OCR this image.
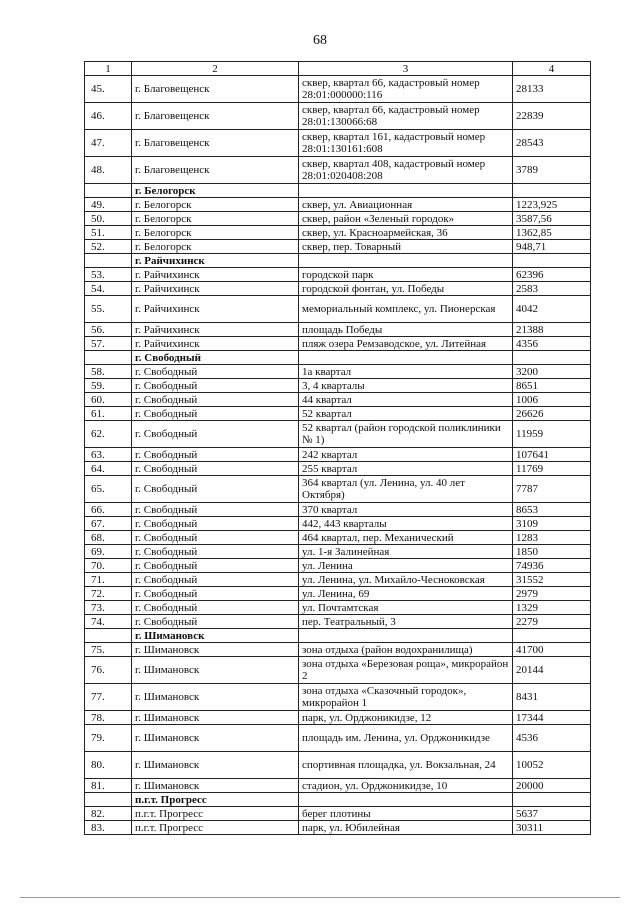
68
1	2	3	4
45.	г. Благовещенск	сквер, квартал 66, кадастровый номер 28:01:000000:116	28133
46.	г. Благовещенск	сквер, квартал 66, кадастровый номер 28:01:130066:68	22839
47.	г. Благовещенск	сквер, квартал 161, кадастровый номер 28:01:130161:608	28543
48.	г. Благовещенск	сквер, квартал 408, кадастровый номер 28:01:020408:208	3789
	г. Белогорск		
49.	г. Белогорск	сквер, ул. Авиационная	1223,925
50.	г. Белогорск	сквер, район «Зеленый городок»	3587,56
51.	г. Белогорск	сквер, ул. Красноармейская, 36	1362,85
52.	г. Белогорск	сквер, пер. Товарный	948,71
	г. Райчихинск		
53.	г. Райчихинск	городской парк	62396
54.	г. Райчихинск	городской фонтан, ул. Победы	2583
55.	г. Райчихинск	мемориальный комплекс, ул. Пионерская	4042
56.	г. Райчихинск	площадь Победы	21388
57.	г. Райчихинск	пляж озера Ремзаводское, ул. Литейная	4356
	г. Свободный		
58.	г. Свободный	1а квартал	3200
59.	г. Свободный	3, 4 кварталы	8651
60.	г. Свободный	44 квартал	1006
61.	г. Свободный	52 квартал	26626
62.	г. Свободный	52 квартал (район городской поликлиники № 1)	11959
63.	г. Свободный	242 квартал	107641
64.	г. Свободный	255 квартал	11769
65.	г. Свободный	364 квартал (ул. Ленина, ул. 40 лет Октября)	7787
66.	г. Свободный	370 квартал	8653
67.	г. Свободный	442, 443 кварталы	3109
68.	г. Свободный	464 квартал, пер. Механический	1283
69.	г. Свободный	ул. 1-я Залинейная	1850
70.	г. Свободный	ул. Ленина	74936
71.	г. Свободный	ул. Ленина, ул. Михайло-Чесноковская	31552
72.	г. Свободный	ул. Ленина, 69	2979
73.	г. Свободный	ул. Почтамтская	1329
74.	г. Свободный	пер. Театральный, 3	2279
	г. Шимановск		
75.	г. Шимановск	зона отдыха (район водохранилища)	41700
76.	г. Шимановск	зона отдыха «Березовая роща», микрорайон 2	20144
77.	г. Шимановск	зона отдыха «Сказочный городок», микрорайон 1	8431
78.	г. Шимановск	парк, ул. Орджоникидзе, 12	17344
79.	г. Шимановск	площадь им. Ленина, ул. Орджоникидзе	4536
80.	г. Шимановск	спортивная площадка, ул. Вокзальная, 24	10052
81.	г. Шимановск	стадион, ул. Орджоникидзе, 10	20000
	п.г.т. Прогресс		
82.	п.г.т. Прогресс	берег плотины	5637
83.	п.г.т. Прогресс	парк, ул. Юбилейная	30311
